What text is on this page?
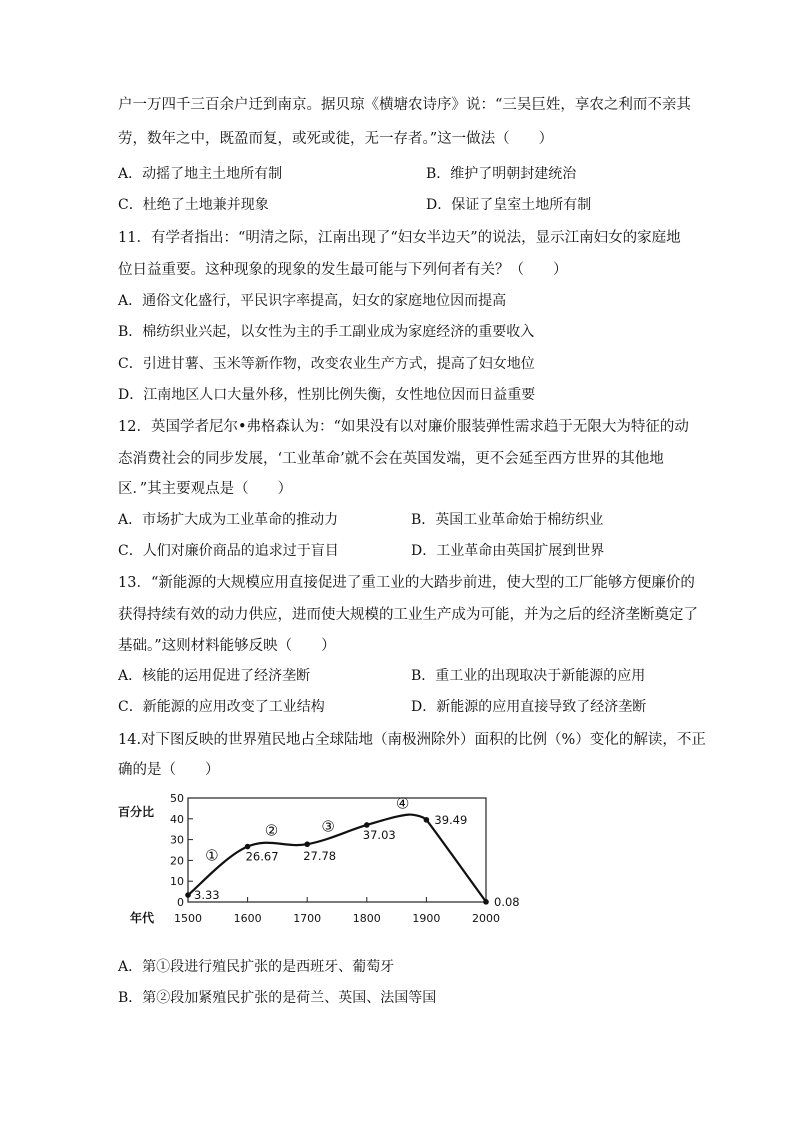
户一万四千三百余户迁到南京。据贝琼《横塘农诗序》说：“三吴巨姓，享农之利而不亲其
劳，数年之中，既盈而复，或死或徙，无一存者。”这一做法（　　）
A．动摇了地主土地所有制	B．维护了明朝封建统治
C．杜绝了土地兼并现象	D．保证了皇室土地所有制
11．有学者指出：“明清之际，江南出现了“妇女半边天”的说法，显示江南妇女的家庭地
位日益重要。这种现象的现象的发生最可能与下列何者有关？（　　）
A．通俗文化盛行，平民识字率提高，妇女的家庭地位因而提高
B．棉纺织业兴起，以女性为主的手工副业成为家庭经济的重要收入
C．引进甘薯、玉米等新作物，改变农业生产方式，提高了妇女地位
D．江南地区人口大量外移，性别比例失衡，女性地位因而日益重要
12．英国学者尼尔•弗格森认为：“如果没有以对廉价服装弹性需求趋于无限大为特征的动
态消费社会的同步发展，‘工业革命’就不会在英国发端，更不会延至西方世界的其他地
区．”其主要观点是（　　）
A．市场扩大成为工业革命的推动力	B．英国工业革命始于棉纺织业
C．人们对廉价商品的追求过于盲目	D．工业革命由英国扩展到世界
13．“新能源的大规模应用直接促进了重工业的大踏步前进，使大型的工厂能够方便廉价的
获得持续有效的动力供应，进而使大规模的工业生产成为可能，并为之后的经济垄断奠定了
基础。”这则材料能够反映（　　）
A．核能的运用促进了经济垄断	B．重工业的出现取决于新能源的应用
C．新能源的应用改变了工业结构	D．新能源的应用直接导致了经济垄断
14.对下图反映的世界殖民地占全球陆地（南极洲除外）面积的比例（%）变化的解读，不正
确的是（　　）
百分比
年代
0
10
20
30
40
50
1500	1600	1700	1800	1900	2000
3.33
26.67 27.78
37.03
39.49
0.08
①
②	③
④
A．第①段进行殖民扩张的是西班牙、葡萄牙
B．第②段加紧殖民扩张的是荷兰、英国、法国等国
